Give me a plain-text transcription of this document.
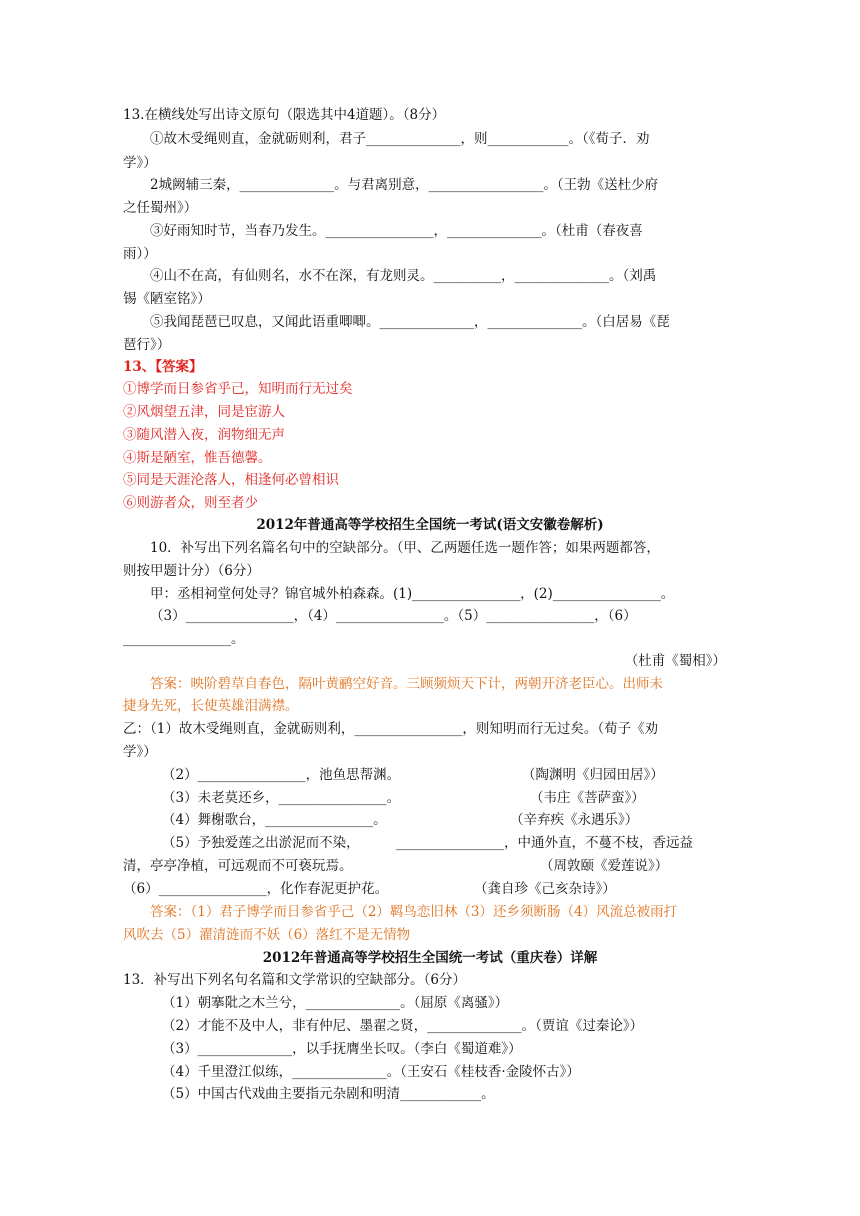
13.在横线处写出诗文原句（限选其中4道题）。（8分）
①故木受绳则直，金就砺则利，君子______________，则____________。（《荀子．劝
学》）
2城阙辅三秦，______________。与君离别意，_________________。（王勃《送杜少府
之任蜀州》）
③好雨知时节，当春乃发生。________________，______________。（杜甫（春夜喜
雨））
④山不在高，有仙则名，水不在深，有龙则灵。__________，______________。（刘禹
锡《陋室铭》）
⑤我闻琵琶已叹息，又闻此语重唧唧。______________，______________。（白居易《琵
琶行》）
13、【答案】
①博学而日参省乎己，知明而行无过矣
②风烟望五津，同是宦游人
③随风潜入夜，润物细无声
④斯是陋室，惟吾德馨。
⑤同是天涯沦落人，相逢何必曾相识
⑥则游者众，则至者少
2012年普通高等学校招生全国统一考试(语文安徽卷解析)
10．补写出下列名篇名句中的空缺部分。（甲、乙两题任选一题作答；如果两题都答，
则按甲题计分）（6分）
甲：丞相祠堂何处寻？锦官城外柏森森。(1)________________，(2)________________。
（3）________________，（4）________________。（5）________________，（6）
________________。
（杜甫《蜀相》）
答案：映阶碧草自春色，隔叶黄鹂空好音。三顾频烦天下计，两朝开济老臣心。出师未
捷身先死，长使英雄泪满襟。
乙：（1）故木受绳则直，金就砺则利，________________，则知明而行无过矣。（荀子《劝
学》）
（2）________________，池鱼思帮渊。	（陶渊明《归园田居》）
（3）未老莫还乡，________________。	（韦庄《菩萨蛮》）
（4）舞榭歌台，________________。	（辛弃疾《永遇乐》）
（5）予独爱莲之出淤泥而不染，	________________，中通外直，不蔓不枝，香远益
清，亭亭净植，可远观而不可亵玩焉。	（周敦颐《爱莲说》）
（6）________________，化作春泥更护花。	（龚自珍《己亥杂诗》）
答案：（1）君子博学而日参省乎己（2）羁鸟恋旧林（3）还乡须断肠（4）风流总被雨打
风吹去（5）濯清涟而不妖（6）落红不是无情物
2012年普通高等学校招生全国统一考试（重庆卷）详解
13．补写出下列名句名篇和文学常识的空缺部分。（6分）
（1）朝搴阰之木兰兮，______________。（屈原《离骚》）
（2）才能不及中人，非有仲尼、墨翟之贤，______________。（贾谊《过秦论》）
（3）______________，以手抚膺坐长叹。（李白《蜀道难》）
（4）千里澄江似练，______________。（王安石《桂枝香·金陵怀古》）
（5）中国古代戏曲主要指元杂剧和明清____________。
